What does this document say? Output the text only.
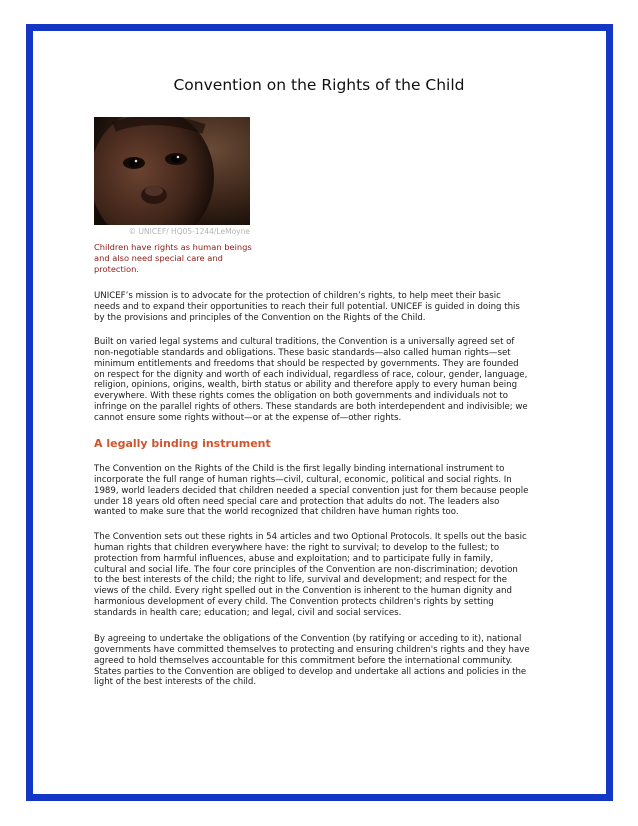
Convention on the Rights of the Child
© UNICEF/ HQ05-1244/LeMoyne

Children have rights as human beings
and also need special care and
protection.

UNICEF’s mission is to advocate for the protection of children’s rights, to help meet their basic
needs and to expand their opportunities to reach their full potential. UNICEF is guided in doing this
by the provisions and principles of the Convention on the Rights of the Child.

Built on varied legal systems and cultural traditions, the Convention is a universally agreed set of
non-negotiable standards and obligations. These basic standards—also called human rights—set
minimum entitlements and freedoms that should be respected by governments. They are founded
on respect for the dignity and worth of each individual, regardless of race, colour, gender, language,
religion, opinions, origins, wealth, birth status or ability and therefore apply to every human being
everywhere. With these rights comes the obligation on both governments and individuals not to
infringe on the parallel rights of others. These standards are both interdependent and indivisible; we
cannot ensure some rights without—or at the expense of—other rights.

A legally binding instrument

The Convention on the Rights of the Child is the first legally binding international instrument to
incorporate the full range of human rights—civil, cultural, economic, political and social rights. In
1989, world leaders decided that children needed a special convention just for them because people
under 18 years old often need special care and protection that adults do not. The leaders also
wanted to make sure that the world recognized that children have human rights too.

The Convention sets out these rights in 54 articles and two Optional Protocols. It spells out the basic
human rights that children everywhere have: the right to survival; to develop to the fullest; to
protection from harmful influences, abuse and exploitation; and to participate fully in family,
cultural and social life. The four core principles of the Convention are non-discrimination; devotion
to the best interests of the child; the right to life, survival and development; and respect for the
views of the child. Every right spelled out in the Convention is inherent to the human dignity and
harmonious development of every child. The Convention protects children's rights by setting
standards in health care; education; and legal, civil and social services.

By agreeing to undertake the obligations of the Convention (by ratifying or acceding to it), national
governments have committed themselves to protecting and ensuring children's rights and they have
agreed to hold themselves accountable for this commitment before the international community.
States parties to the Convention are obliged to develop and undertake all actions and policies in the
light of the best interests of the child.
